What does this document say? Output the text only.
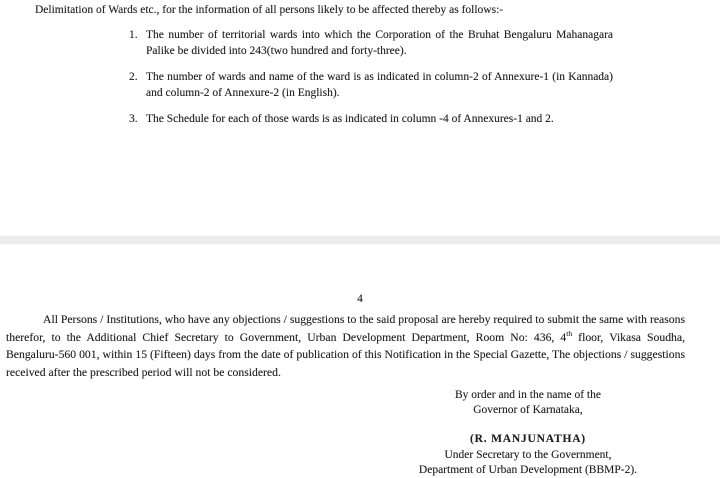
Delimitation of Wards etc., for the information of all persons likely to be affected thereby as follows:-
1. The number of territorial wards into which the Corporation of the Bruhat Bengaluru Mahanagara Palike be divided into 243(two hundred and forty-three).
2. The number of wards and name of the ward is as indicated in column-2 of Annexure-1 (in Kannada) and column-2 of Annexure-2 (in English).
3. The Schedule for each of those wards is as indicated in column -4 of Annexures-1 and 2.
4
All Persons / Institutions, who have any objections / suggestions to the said proposal are hereby required to submit the same with reasons therefor, to the Additional Chief Secretary to Government, Urban Development Department, Room No: 436, 4th floor, Vikasa Soudha, Bengaluru-560 001, within 15 (Fifteen) days from the date of publication of this Notification in the Special Gazette, The objections / suggestions received after the prescribed period will not be considered.
By order and in the name of the
Governor of Karnataka,
(R. MANJUNATHA)
Under Secretary to the Government,
Department of Urban Development (BBMP-2).
